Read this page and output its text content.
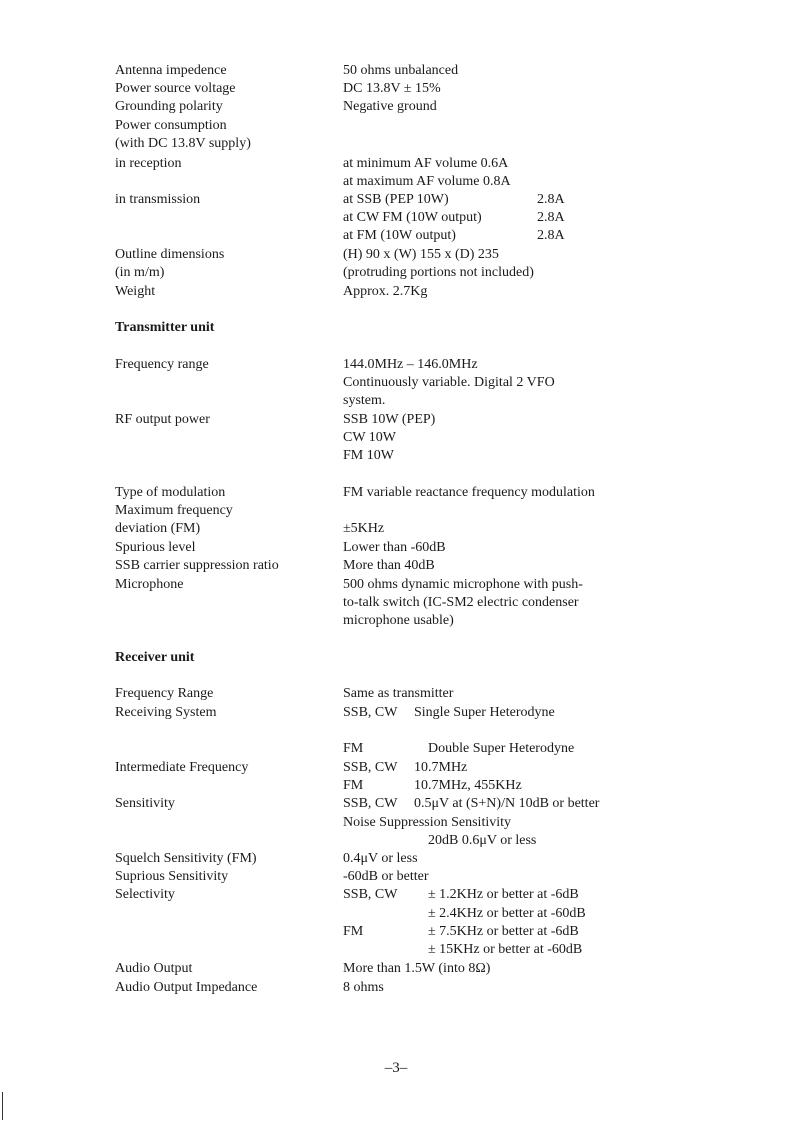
Antenna impedence	50 ohms unbalanced
Power source voltage	DC 13.8V ± 15%
Grounding polarity	Negative ground
Power consumption
(with DC 13.8V supply)
in reception	at minimum AF volume 0.6A
at maximum AF volume 0.8A
in transmission	at SSB (PEP 10W)	2.8A
at CW FM (10W output)	2.8A
at FM (10W output)	2.8A
Outline dimensions	(H) 90 x (W) 155 x (D) 235
(in m/m)	(protruding portions not included)
Weight	Approx. 2.7Kg
Transmitter unit
Frequency range	144.0MHz – 146.0MHz
Continuously variable. Digital 2 VFO
system.
RF output power	SSB 10W (PEP)
CW 10W
FM 10W
Type of modulation	FM variable reactance frequency modulation
Maximum frequency
deviation (FM)	±5KHz
Spurious level	Lower than -60dB
SSB carrier suppression ratio	More than 40dB
Microphone	500 ohms dynamic microphone with push-
to-talk switch (IC-SM2 electric condenser
microphone usable)
Receiver unit
Frequency Range	Same as transmitter
Receiving System	SSB, CW Single Super Heterodyne
FM	Double Super Heterodyne
Intermediate Frequency	SSB, CW 10.7MHz
FM	10.7MHz, 455KHz
Sensitivity	SSB, CW 0.5μV at (S+N)/N 10dB or better
Noise Suppression Sensitivity
20dB 0.6μV or less
Squelch Sensitivity (FM)	0.4μV or less
Suprious Sensitivity	-60dB or better
Selectivity	SSB, CW ± 1.2KHz or better at -6dB
± 2.4KHz or better at -60dB
FM	± 7.5KHz or better at -6dB
± 15KHz or better at -60dB
Audio Output	More than 1.5W (into 8Ω)
Audio Output Impedance	8 ohms
–3–
